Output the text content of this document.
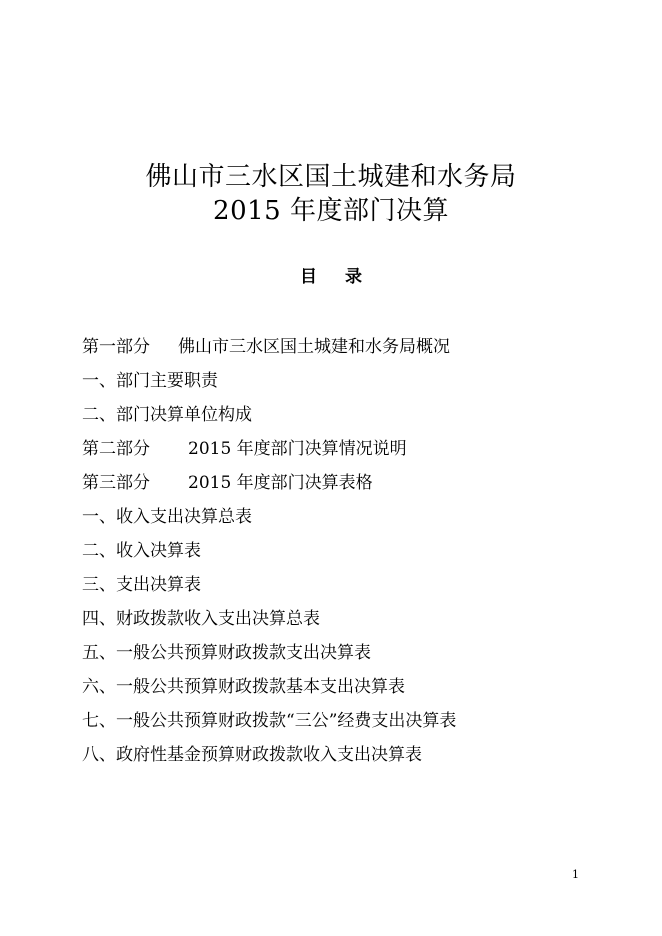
佛山市三水区国土城建和水务局
2015 年度部门决算
目 录
第一部分 佛山市三水区国土城建和水务局概况
一、部门主要职责
二、部门决算单位构成
第二部分 2015 年度部门决算情况说明
第三部分 2015 年度部门决算表格
一、收入支出决算总表
二、收入决算表
三、支出决算表
四、财政拨款收入支出决算总表
五、一般公共预算财政拨款支出决算表
六、一般公共预算财政拨款基本支出决算表
七、一般公共预算财政拨款“三公”经费支出决算表
八、政府性基金预算财政拨款收入支出决算表
1
